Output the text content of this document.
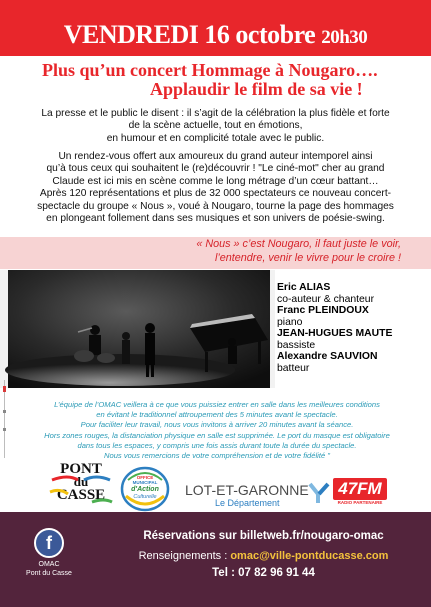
VENDREDI 16 octobre 20h30
Plus qu’un concert Hommage à Nougaro….
Applaudir le film de sa vie !
La presse et le public le disent : il s’agit de la célébration la plus fidèle et forte
de la scène actuelle, tout en émotions,
en humour et en complicité totale avec le public.
Un rendez-vous offert aux amoureux du grand auteur intemporel ainsi
qu’à tous ceux qui souhaitent le (re)découvrir ! "Le ciné-mot" cher au grand
Claude est ici mis en scène comme le long métrage d’un cœur battant…
Après 120 représentations et plus de 32 000 spectateurs ce nouveau concert-
spectacle du groupe « Nous », voué à Nougaro, tourne la page des hommages
en plongeant follement dans ses musiques et son univers de poésie-swing.
« Nous » c’est Nougaro, il faut juste le voir,
l’entendre, venir le vivre pour le croire !
Eric ALIAS
co-auteur & chanteur
Franc PLEINDOUX
piano
JEAN-HUGUES MAUTE
bassiste
Alexandre SAUVION
batteur
L’équipe de l’OMAC veillera à ce que vous puissiez entrer en salle dans les meilleures conditions
en évitant le traditionnel attroupement des 5 minutes avant le spectacle.
Pour faciliter leur travail, nous vous invitons à arriver 20 minutes avant la séance.
Hors zones rouges, la distanciation physique en salle est supprimée. Le port du masque est obligatoire
dans tous les espaces, y compris une fois assis durant toute la durée du spectacle.
Nous vous remercions de votre compréhension et de votre fidélité "
PONT
du
CASSE
OFFICE
MUNICIPAL
d'Action
Culturelle	LOT-ET-GARONNE
Le Département
47FM
RADIO PARTENAIRE
f
OMAC
Pont du Casse
Réservations sur billetweb.fr/nougaro-omac
Renseignements : omac@ville-pontducasse.com
Tel : 07 82 96 91 44
